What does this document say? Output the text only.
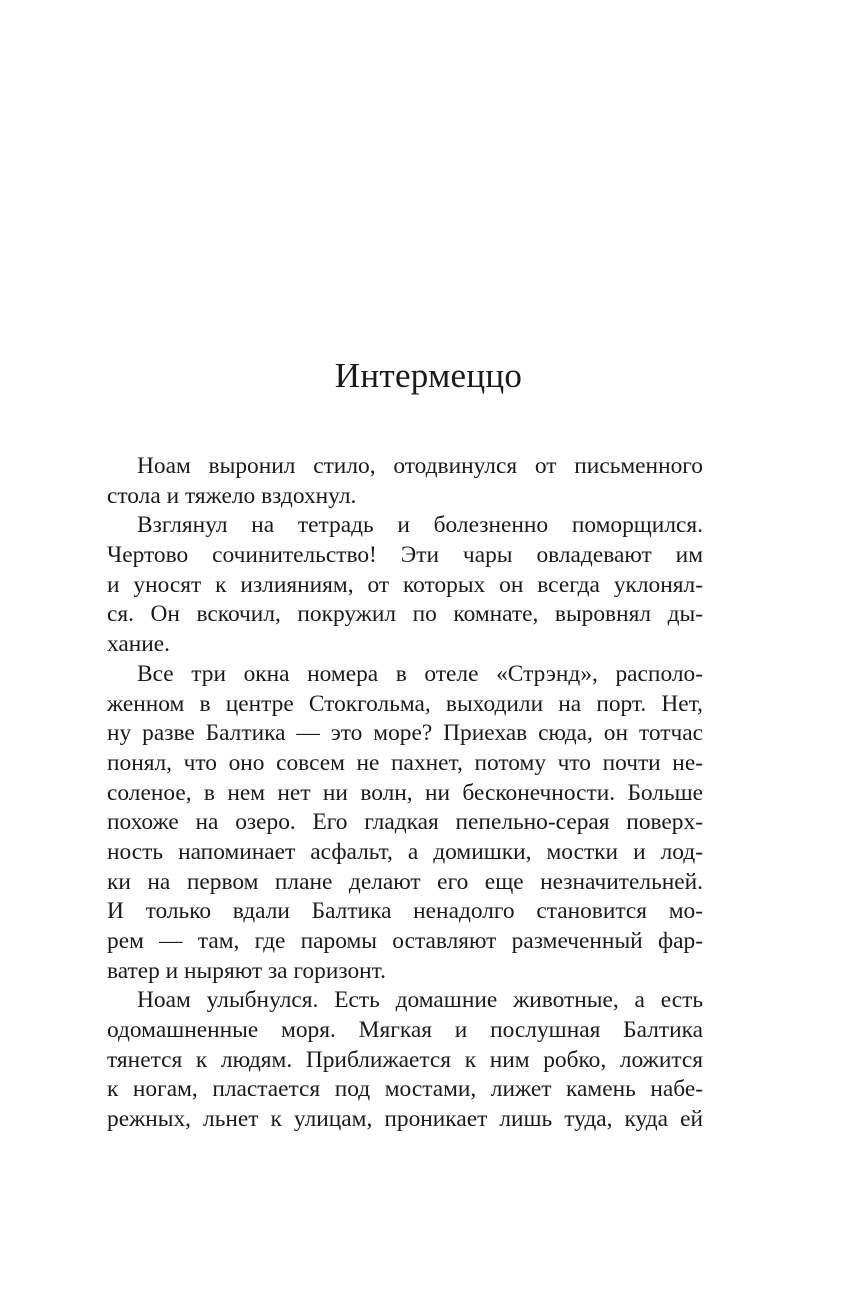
Интермеццо
Ноам выронил стило, отодвинулся от письменного
стола и тяжело вздохнул.
Взглянул на тетрадь и болезненно поморщился.
Чертово сочинительство! Эти чары овладевают им
и уносят к излияниям, от которых он всегда уклонял-
ся. Он вскочил, покружил по комнате, выровнял ды-
хание.
Все три окна номера в отеле «Стрэнд», располо-
женном в центре Стокгольма, выходили на порт. Нет,
ну разве Балтика — это море? Приехав сюда, он тотчас
понял, что оно совсем не пахнет, потому что почти не-
соленое, в нем нет ни волн, ни бесконечности. Больше
похоже на озеро. Его гладкая пепельно-серая поверх-
ность напоминает асфальт, а домишки, мостки и лод-
ки на первом плане делают его еще незначительней.
И только вдали Балтика ненадолго становится мо-
рем — там, где паромы оставляют размеченный фар-
ватер и ныряют за горизонт.
Ноам улыбнулся. Есть домашние животные, а есть
одомашненные моря. Мягкая и послушная Балтика
тянется к людям. Приближается к ним робко, ложится
к ногам, пластается под мостами, лижет камень набе-
режных, льнет к улицам, проникает лишь туда, куда ей
